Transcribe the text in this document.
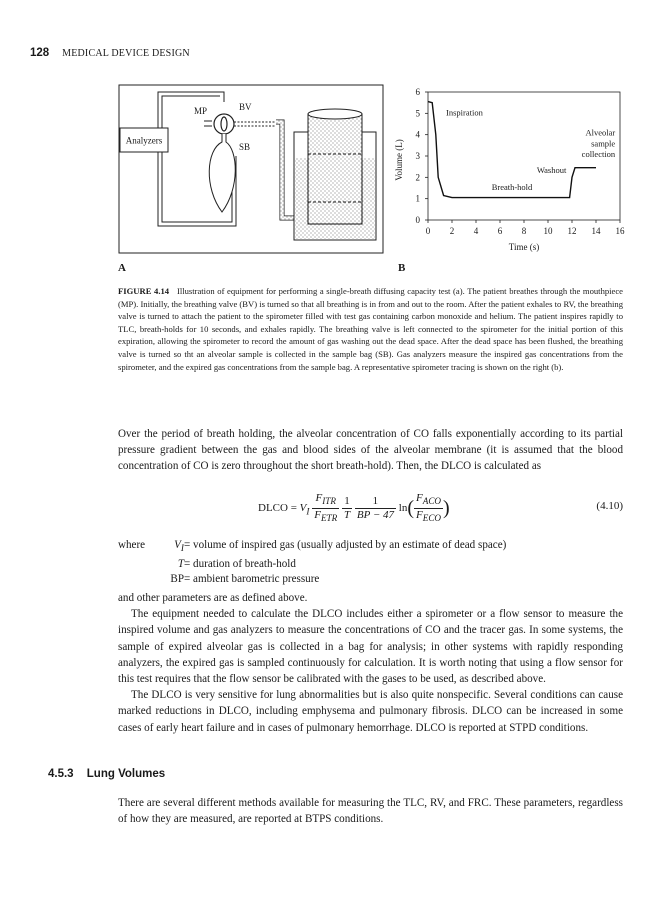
128 MEDICAL DEVICE DESIGN
Analyzers
MP	BV
SB
A	B
0 2 4 6 8 10 12 14 16
0
1
2
3
4
5
6
Time (s)
Volume (L)
Inspiration
Breath-hold
Washout
Alveolar
sample
collection
FIGURE 4.14 Illustration of equipment for performing a single-breath diffusing capacity test (a). The patient breathes through the mouthpiece (MP). Initially, the breathing valve (BV) is turned so that all breathing is in from and out to the room. After the patient exhales to RV, the breathing valve is turned to attach the patient to the spirometer filled with test gas containing carbon monoxide and helium. The patient inspires rapidly to TLC, breath-holds for 10 seconds, and exhales rapidly. The breathing valve is left connected to the spirometer for the initial portion of this expiration, allowing the spirometer to record the amount of gas washing out the dead space. After the dead space has been flushed, the breathing valve is turned so tht an alveolar sample is collected in the sample bag (SB). Gas analyzers measure the inspired gas concentrations from the spirometer, and the expired gas concentrations from the sample bag. A representative spirometer tracing is shown on the right (b).

Over the period of breath holding, the alveolar concentration of CO falls exponentially according to its partial pressure gradient between the gas and blood sides of the alveolar membrane (it is assumed that the blood concentration of CO is zero throughout the short breath-hold). Then, the DLCO is calculated as

DLCO = $V_I \frac{F_{ITR}}{F_{ETR}}$
$\frac{1}{T}$
$\frac{1}{BP - 47} \ln( \frac{F_{ACO}}{F_{ECO}}$ )	(4.10)
where	$V_I$ = volume of inspired gas (usually adjusted by an estimate of dead space)
T = duration of breath-hold
BP = ambient barometric pressure

and other parameters are as defined above.

The equipment needed to calculate the DLCO includes either a spirometer or a flow sensor to measure the inspired volume and gas analyzers to measure the concentrations of CO and the tracer gas. In some systems, the sample of expired alveolar gas is collected in a bag for analysis; in other systems with rapidly responding analyzers, the expired gas is sampled continuously for calculation. It is worth noting that using a flow sensor for this test requires that the flow sensor be calibrated with the gases to be used, as described above.

The DLCO is very sensitive for lung abnormalities but is also quite nonspecific. Several conditions can cause marked reductions in DLCO, including emphysema and pulmonary fibrosis. DLCO can be increased in some cases of early heart failure and in cases of pulmonary hemorrhage. DLCO is reported at STPD conditions.

4.5.3 Lung Volumes

There are several different methods available for measuring the TLC, RV, and FRC. These parameters, regardless of how they are measured, are reported at BTPS conditions.
